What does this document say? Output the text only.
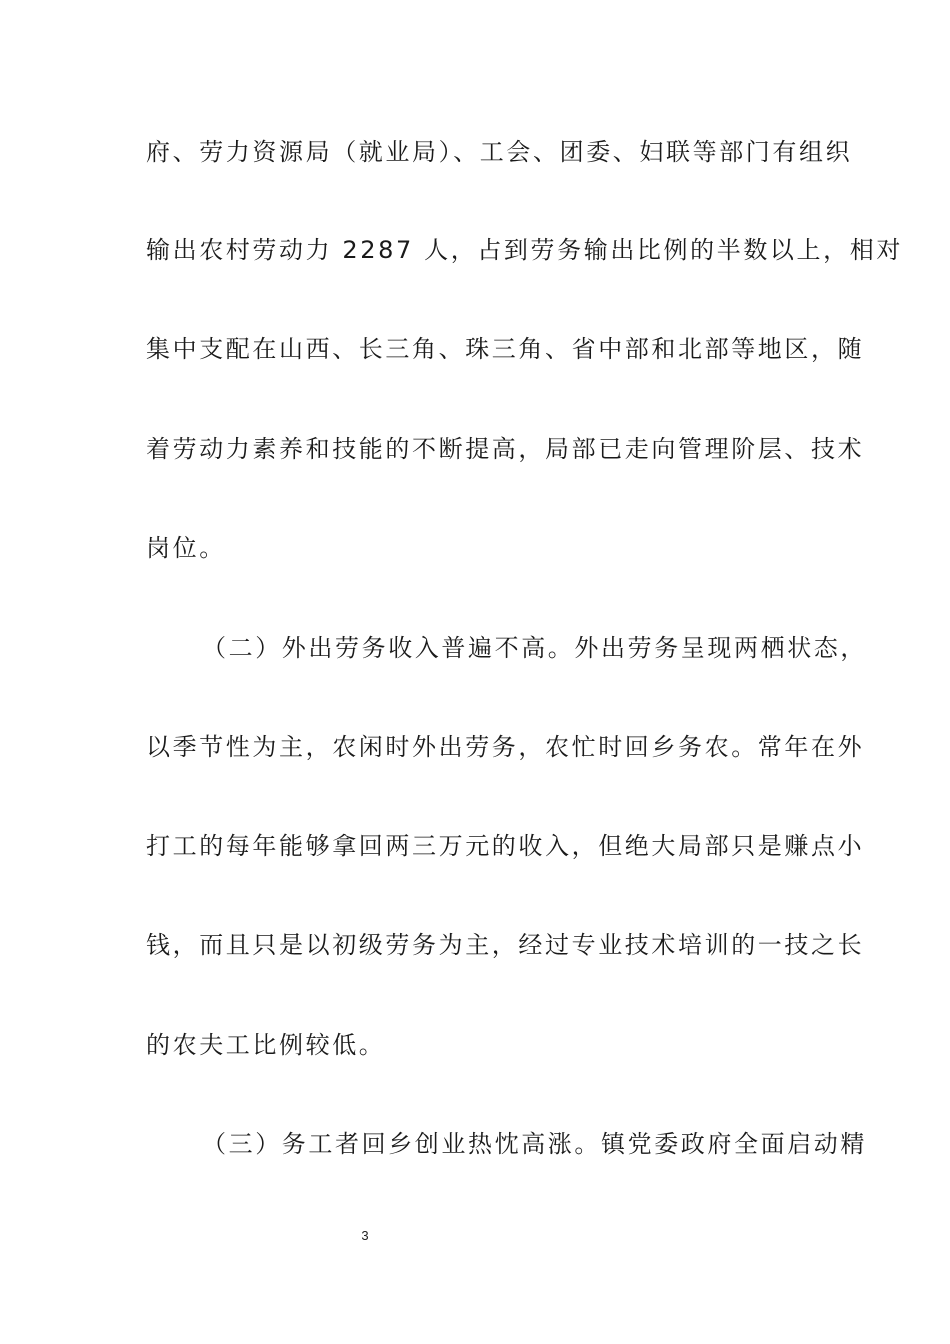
府、劳力资源局（就业局）、工会、团委、妇联等部门有组织
输出农村劳动力 2287 人，占到劳务输出比例的半数以上，相对
集中支配在山西、长三角、珠三角、省中部和北部等地区，随
着劳动力素养和技能的不断提高，局部已走向管理阶层、技术
岗位。
（二）外出劳务收入普遍不高。外出劳务呈现两栖状态，
以季节性为主，农闲时外出劳务，农忙时回乡务农。常年在外
打工的每年能够拿回两三万元的收入，但绝大局部只是赚点小
钱，而且只是以初级劳务为主，经过专业技术培训的一技之长
的农夫工比例较低。
（三）务工者回乡创业热忱高涨。镇党委政府全面启动精
3
